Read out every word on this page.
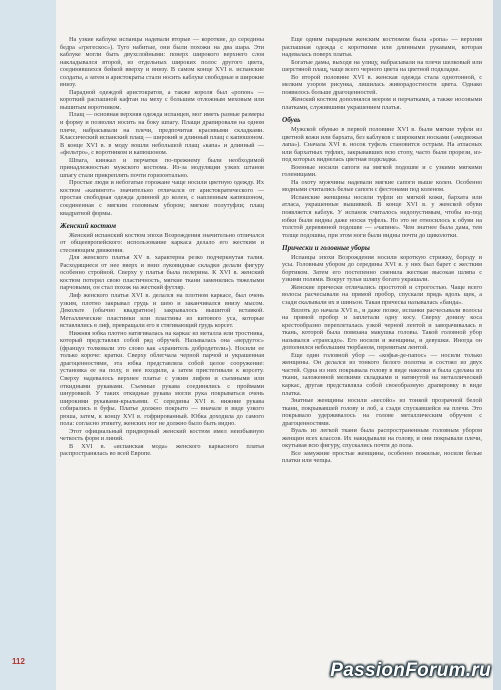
На узкие каблуке испанцы надевали вторые — короткие, до середины бедра «грегескос»). Туго набитые, они были похожи на два шара. Эти каблуке могли быть двухслойными: поверх широкого верхнего слоя накладывался второй, из отдельных широких полос другого цвета, соединявшихся бейкой вверху и внизу. В самом конце XVI в. испанские солдаты, а затем и аристократы стали носить каблуке свободные и широкие внизу.

Парадной одеждой аристократов, а также короля был «ропон» — короткий распашной кафтан на меху с большим отложным меховым или вышитым воротником.

Плащ — основная верхняя одежда испанцев, мог иметь разные размеры и форму и позволял носить на боку шпагу. Плащи драпировали на одном плече, набрасывали на плечи, предпочитая красивыми складками. Классический испанский плащ — широкий и длинный плащ с капюшоном. В конце XVI в. в моду вошли небольшой плащ «капа» и длинный — «фельтро», с воротником и капюшоном.

Шпага, кинжал и перчатки по-прежнему были необходимой принадлежностью мужского костюма. Из-за модуляции узких штанов шпагу стали прикреплять почти горизонтально.

Простые люди и небогатые горожане чаще носили цветную одежду. Их костюм «капингот» значительно отличался от аристократического — простая свободная одежда длинной до колен, с напленным капюшоном, соединенная с мягким головным убором; мягкие полутуфли; плащ квадратной формы.

Женский костюм

Женский испанский костюм эпохи Возрождения значительно отличался от общеевропейского: использование каркаса делало его жестким и стесняющим движения.

Для женского платья XV в. характерна резко подчеркнутая талия. Расходящиеся от нее вверх и вниз луковидные складки делали фигуру особенно стройной. Сверху у платья была пелерина. К XVI в. женский костюм потерял свою пластичность, мягкие ткани заменились тяжелыми парчовыми, он стал похож на жесткий футляр.

Лиф женского платья XVI в. делался на плотном каркасе, был очень узким, плотно закрывал грудь и шею и заканчивался внизу мысом. Декольте (обычно квадратное) закрывалось вышитой вставкой. Металлические пластинки или пластины из китового уса, которые вставлялись в лиф, превращали его в стягивающий грудь корсет.

Нижняя юбка плотно натягивалась на каркас из металла или тростника, который представлял собой ряд обручей. Называлась она «вердугос» (француз толковали это слово как «хранитель добродетели»). Носили ее только короче: кратки. Сверху облегчала черной парчой и украшенная драгоценностями, эта юбка представляла собой целое сооружение: установка ее на полу, в нее входили, а затем пристегивали к корсету. Сверху надевалось верхнее платье с узким лифом и съемными или откидными рукавами. Съемные рукава соединялись с проймами шнуровкой. У таких откидные рукава могли рука покрываться очень широкими рукавами-крыльями. С середины XVI в. нижние рукава собирались в буфы. Платье должно покрыто — вначале в виде узкого рюша, затем, к концу XVI в. гофрированный. Юбка доходила до самого пола: согласно этикету, женских ног не должно было быть видно.

Этот официальный придворный женский костюм имел неизбывную четкость форм и линий.

В XVI в. «испанская мода» женского каркасного платья распространялась во всей Европе.

Еще одним парадным женским костюмом была «ропа» — верхняя распашная одежда с короткими или длинными рукавами, которая надевалась поверх платья.

Богатые дамы, выходя на улицу, набрасывали на плечи шелковый или шерстяной плащ, чаще всего черного цвета на цветной подкладке.

Во второй половине XVI в. женская одежда стала однотонной, с мелким узором рисунка, лишилась живорадостности цвета. Однако появилось больше драгоценностей.

Женский костюм дополнялся веером и перчатками, а также носовыми платками, служившими украшением платья.

Обувь

Мужской обувью в первой половине XVI в. были мягкие туфли из цветной кожи или бархата, без каблуков с широкими носками («медвежья лапа»). Сначала XVI в. носок туфель становится острым. На атласных или бархатных туфлях, закрывавших всю стопу, часто были прорези, из-под которых виднелась цветная подкладка.

Военные носили сапоги на мягкой подошве и с узкими мягкими голенищами.

На охоту мужчины надевали мягкие сапоги выше колен. Особенно модными считались белые сапоги с фестонами под коленом.

Испанские женщины носили туфли из мягкой кожи, бархата или атласа, украшенные вышивкой. В конце XVI в. у женской обуви появляется каблук. У испанок считалось недопустимым, чтобы из-под юбки были видны даже носки туфель. Но это не относилось к обуви на толстой деревянной подошве — «чапине». Чем знатнее была дама, тем толще подошвы, при этом ноги были видны почти до щиколотки.

Прически и головные уборы

Испанцы эпохи Возрождения носили короткую стрижку, бороду и усы. Головным убором до середины XVI в. у них был барет с жестким бортиком. Затем его постепенно сменила жесткая высокая шляпа с узкими полями. Вокруг тульи шляпу богато украшали.

Женские прически отличались простотой и строгостью. Чаще всего волосы расчесывали на прямой пробор, спускали прядь вдоль щек, а сзади скалывали их в шиньон. Такая прическа называлась «банда».

Вплоть до начала XVI в., и даже позже, испанки расчесывали волосы на прямой пробор и заплетали одну косу. Сверху донизу коса крестообразно переплеталась узкой черной лентой и заворачивалась в ткань, которой была повязана макушка головы. Такой головной убор назывался «трансадо». Его носили и женщины, и девушки. Иногда он дополнялся небольшим тюрбаном, перевитым лентой.

Еще один головной убор — «кофья-де-папос» — носили только женщины. Он делался из тонкого белого полотна и состоял из двух частей. Одна из них покрывала голову в виде наколки и была сделана из ткани, заложенной мелкими складками и натянутой на металлический каркас, другая представляла собой своеобразную драпировку в виде платка.

Знатные женщины носили «весойо» из тонкой прозрачной белой ткани, покрывавшей голову и лоб, а сзади спускавшейся на плечи. Это покрывало удерживалось на голове металлическим обручем с драгоценностями.

Вуаль из легкой ткани была распространенным головным убором женщин всех классов. Их накидывали на голову, и они покрывали плечи, окутывая всю фигуру, спускались почти до пола.

Все замужние простые женщины, особенно пожилые, носили белые платки или чепцы.

112	PassionForum.ru
